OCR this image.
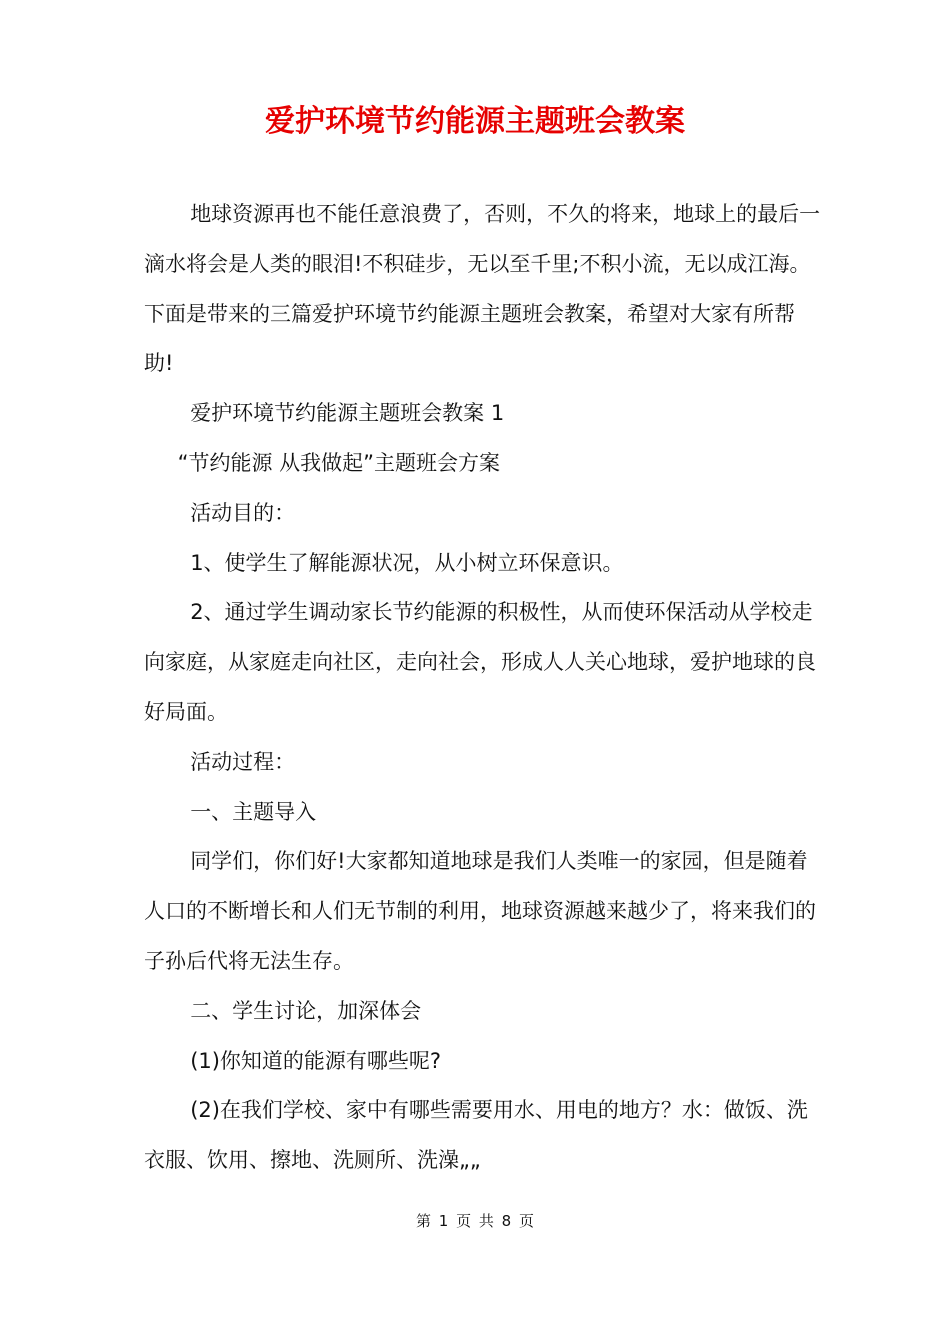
爱护环境节约能源主题班会教案

地球资源再也不能任意浪费了，否则，不久的将来，地球上的最后一滴水将会是人类的眼泪!不积硅步，无以至千里;不积小流，无以成江海。下面是带来的三篇爱护环境节约能源主题班会教案，希望对大家有所帮助!

爱护环境节约能源主题班会教案 1

“节约能源 从我做起”主题班会方案

活动目的：

1、使学生了解能源状况，从小树立环保意识。

2、通过学生调动家长节约能源的积极性，从而使环保活动从学校走向家庭，从家庭走向社区，走向社会，形成人人关心地球，爱护地球的良好局面。

活动过程：

一、主题导入

同学们，你们好!大家都知道地球是我们人类唯一的家园，但是随着人口的不断增长和人们无节制的利用，地球资源越来越少了，将来我们的子孙后代将无法生存。

二、学生讨论，加深体会

(1)你知道的能源有哪些呢?

(2)在我们学校、家中有哪些需要用水、用电的地方？水：做饭、洗衣服、饮用、擦地、洗厕所、洗澡„„

第 1 页 共 8 页
